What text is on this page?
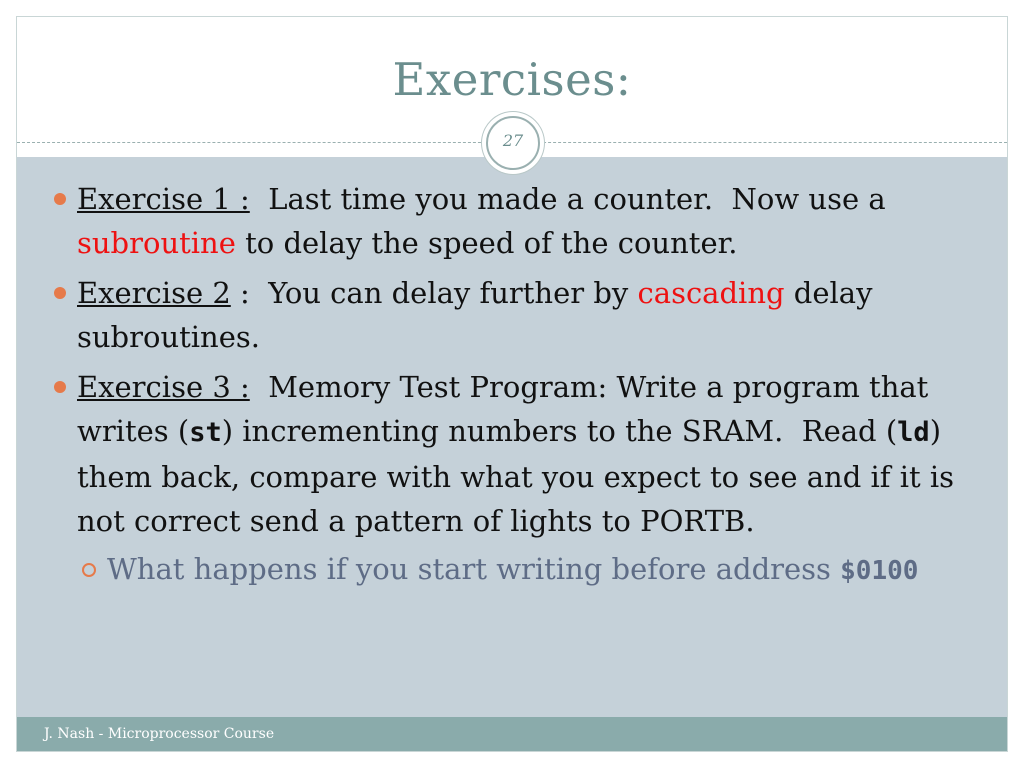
Exercises:
Exercise 1 :  Last time you made a counter.  Now use a subroutine to delay the speed of the counter.
Exercise 2 :  You can delay further by cascading delay subroutines.
Exercise 3 :  Memory Test Program: Write a program that writes (st) incrementing numbers to the SRAM.  Read (ld) them back, compare with what you expect to see and if it is not correct send a pattern of lights to PORTB.
What happens if you start writing before address $0100
27
J. Nash - Microprocessor Course
